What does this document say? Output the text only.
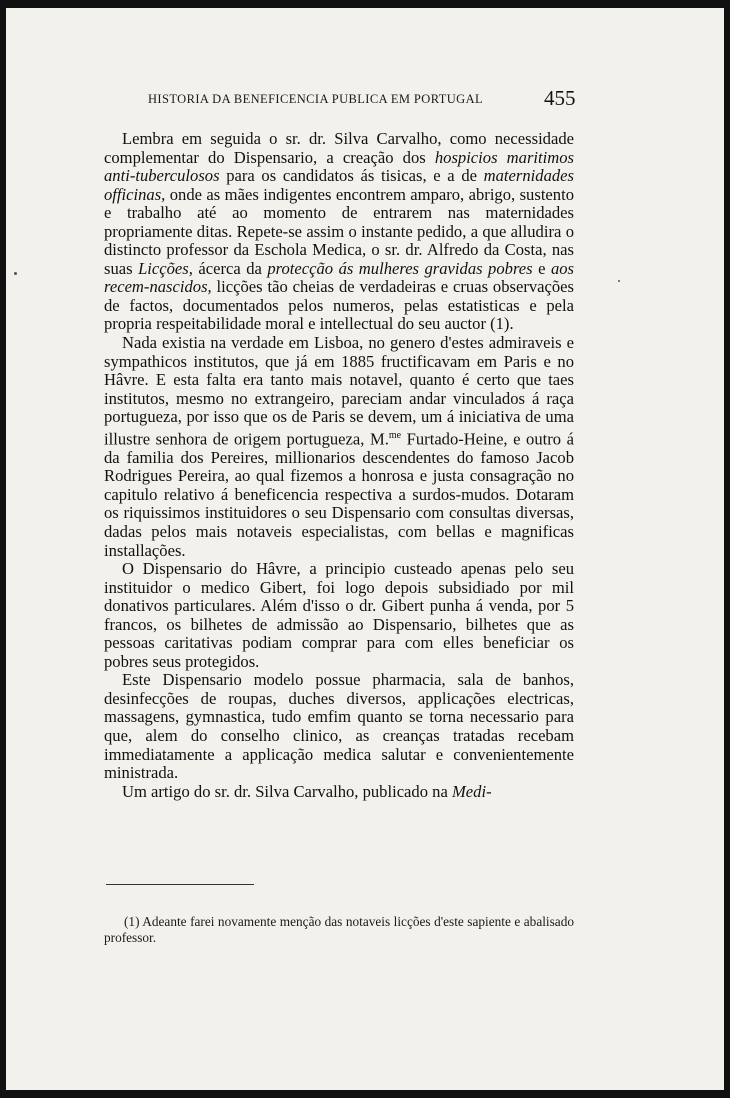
HISTORIA DA BENEFICENCIA PUBLICA EM PORTUGAL	455

Lembra em seguida o sr. dr. Silva Carvalho, como necessidade complementar do Dispensario, a creação dos hospicios maritimos anti-tuberculosos para os candidatos ás tisicas, e a de maternidades officinas, onde as mães indigentes encontrem amparo, abrigo, sustento e trabalho até ao momento de entrarem nas maternidades propriamente ditas. Repete-se assim o instante pedido, a que alludira o distincto professor da Eschola Medica, o sr. dr. Alfredo da Costa, nas suas Licções, ácerca da protecção ás mulheres gravidas pobres e aos recem-nascidos, licções tão cheias de verdadeiras e cruas observações de factos, documentados pelos numeros, pelas estatisticas e pela propria respeitabilidade moral e intellectual do seu auctor (1).

Nada existia na verdade em Lisboa, no genero d'estes admiraveis e sympathicos institutos, que já em 1885 fructificavam em Paris e no Hâvre. E esta falta era tanto mais notavel, quanto é certo que taes institutos, mesmo no extrangeiro, pareciam andar vinculados á raça portugueza, por isso que os de Paris se devem, um á iniciativa de uma illustre senhora de origem portugueza, M.$^{me}$ Furtado-Heine, e outro á da familia dos Pereires, millionarios descendentes do famoso Jacob Rodrigues Pereira, ao qual fizemos a honrosa e justa consagração no capitulo relativo á beneficencia respectiva a surdos-mudos. Dotaram os riquissimos instituidores o seu Dispensario com consultas diversas, dadas pelos mais notaveis especialistas, com bellas e magnificas installações.

O Dispensario do Hâvre, a principio custeado apenas pelo seu instituidor o medico Gibert, foi logo depois subsidiado por mil donativos particulares. Além d'isso o dr. Gibert punha á venda, por 5 francos, os bilhetes de admissão ao Dispensario, bilhetes que as pessoas caritativas podiam comprar para com elles beneficiar os pobres seus protegidos.

Este Dispensario modelo possue pharmacia, sala de banhos, desinfecções de roupas, duches diversos, applicações electricas, massagens, gymnastica, tudo emfim quanto se torna necessario para que, alem do conselho clinico, as creanças tratadas recebam immediatamente a applicação medica salutar e convenientemente ministrada.

Um artigo do sr. dr. Silva Carvalho, publicado na Medi-

(1) Adeante farei novamente menção das notaveis licções d'este sapiente e abalisado professor.
